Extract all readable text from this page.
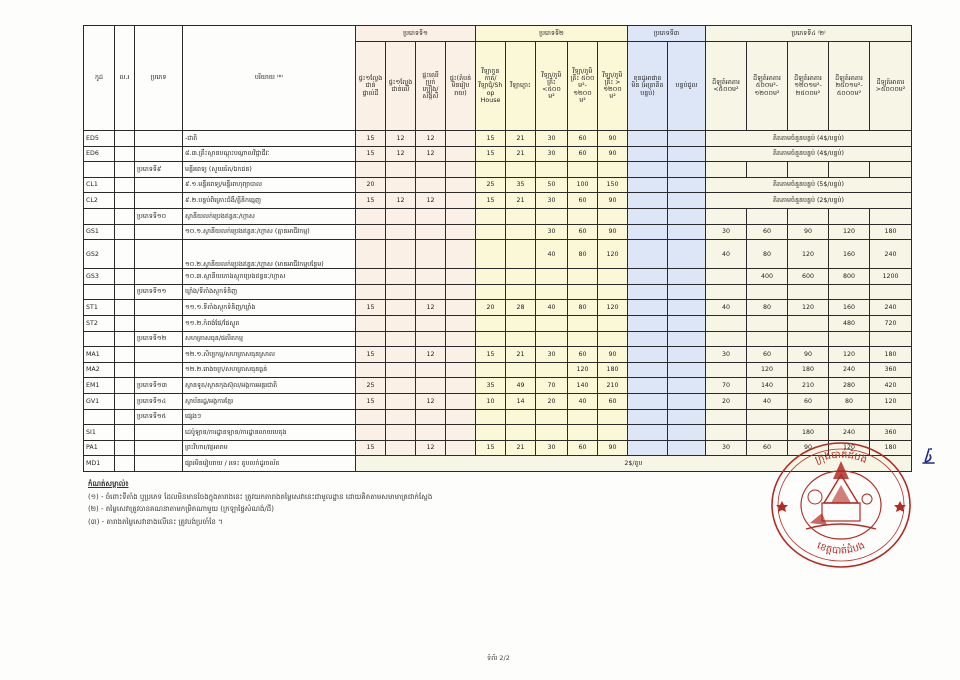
កូដ	ល.រ	ប្រភេទ	បរិយាយ ⁽*⁾	ប្រភេទទី១				ប្រភេទទី២					ប្រភេទទី៣		ប្រភេទទី៤ ⁽២⁾				
				ផ្ទះ១ល្វែងជាន់ផ្ទាល់ដី	ផ្ទះ១ល្វែងជាន់លើ	ផ្ទះឈើប្រក់ក្បឿង/ស័ង្កសី	ផ្ទះ(តំបន់មិនរៀបរាយ)	វីឡាកូនកាត់/វីឡាជុំ/Shop House	វីឡាភ្លោះ	វីឡា/ភូមិគ្រឹះ <៥០០ ម²	វីឡា/ភូមិគ្រឹះ ៥០០ ម²- ១២០០ ម²	វីឡា/ភូមិគ្រឹះ > ១២០០ ម²	ខុនដូអាផាតមិន (អត្រាគិតបន្ទប់)	បន្ទប់ជួល	ដីឡូត៍អាគារ <៥០០ម²	ដីឡូត៍អាគារ ៥០០ម²- ១២០០ម²	ដីឡូត៍អាគារ ១២០១ម²- ២៥០០ម²	ដីឡូត៍អាគារ ២៥០១ម²- ៥០០០ម²	ដីឡូត៍អាគារ >៥០០០ម²
ED5			-ជាតិ	15	12	12		15	21	30	60	90			គិតតាមចំនួនបន្ទប់ (4$/បន្ទប់)				
ED6			៨.៣.គ្រឹះស្ថានបណ្ដុះបណ្ដាលវិជ្ជាជីវៈ	15	12	12		15	21	30	60	90			គិតតាមចំនួនបន្ទប់ (4$/បន្ទប់)				
		ប្រភេទទី៩	មន្ទីរពេទ្យ (សួយឆ័ត/ឯកជន)																
CL1			៩.១.មន្ទីរពេទ្យ/មន្ទីរពហុព្យាបាល	20				25	35	50	100	150			គិតតាមចំនួនបន្ទប់ (5$/បន្ទប់)				
CL2			៩.២.បន្ទប់ពិគ្រោះជំងឺ/គ្លីនិកធ្មេញ	15	12	12		15	21	30	60	90			គិតតាមចំនួនបន្ទប់ (2$/បន្ទប់)				
		ប្រភេទទី១០	ស្ថានីយលក់ប្រេងឥន្ធនៈ/ហ្គាស																
GS1			១០.១.ស្ថានីយលក់ប្រេងឥន្ធនៈ/ហ្គាស (គ្មានអាជីវកម្ម)							30	60	90			30	60	90	120	180
GS2			១០.២.ស្ថានីយលក់ប្រេងឥន្ធនៈ/ហ្គាស (មានអាជីវកម្មបន្ថែម)							40	80	120			40	80	120	160	240
GS3			១០.៣.ស្ថានីយកោងស្តុកប្រេងឥន្ធនៈ/ហ្គាស													400	600	800	1200
		ប្រភេទទី១១	ឃ្លាំង/ទីតាំងស្តុកទំនិញ																
ST1			១១.១.ទីតាំងស្តុកទំនិញ/ឃ្លាំង	15		12		20	28	40	80	120			40	80	120	160	240
ST2			១១.២.កំពង់ផែ/ផែស្ងួត															480	720
		ប្រភេទទី១២	សហគ្រាសធុន/ផលិតកម្ម																
MA1			១២.១.សិប្បកម្ម/សហគ្រាសធុនស្រាល	15		12		15	21	30	60	90			30	60	90	120	180
MA2			១២.២.រោងចក្រ/សហគ្រាសធុនធ្ងន់								120	180				120	180	240	360
EM1		ប្រភេទទី១៣	ស្ថានទូត/ស្ថានកុងស៊ុល/អង្គការអន្តរជាតិ	25				35	49	70	140	210			70	140	210	280	420
GV1		ប្រភេទទី១៤	ស្ថាប័នរដ្ឋ/អង្គការខ្មែរ	15		12		10	14	20	40	60			20	40	60	80	120
		ប្រភេទទី១៥	ផ្សេងៗ																
SI1			ដេប៉ូឡាន/ការដ្ឋានឡាន/ការដ្ឋានលាយបេតុង														180	240	360
PA1			ព្រះវិហារ/វត្តអារាម	15		12		15	21	30	60	90			30	60	90	120	180
MD1			ផ្សារមិនរៀបរាយ / រទេះ តូបលក់ដូរចល័ត	2$/តូប															
កំណត់សម្គាល់៖
(១) - ចំពោះទីតាំង ឬប្រភេទ ដែលមិនមានចែងក្នុងតារាងនេះ ត្រូវយកតារាងតម្លៃសេវានេះជាមូលដ្ឋាន ដោយគិតតាមសមាមាត្រជាក់ស្ដែង
(២) - តម្លៃសេវាត្រូវបានគណនាតាមកម្រិតណាមួយ (ក្រឡាផ្ទៃសំណង់/ដី)
(៣) - តារាងតម្លៃសេវាខាងលើនេះ ត្រូវបង់ប្រចាំខែ ។
ក្រុងបាត់ដំបង
ខេត្តបាត់ដំបង
ទំព័រ 2/2
